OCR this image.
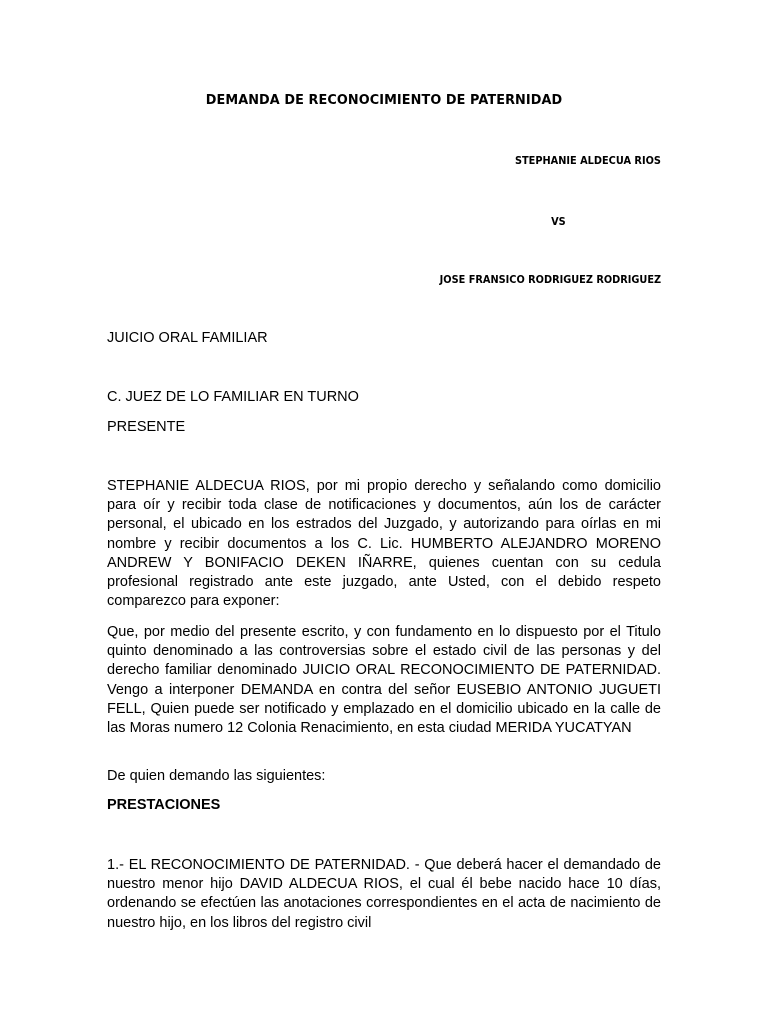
DEMANDA DE RECONOCIMIENTO DE PATERNIDAD
STEPHANIE ALDECUA RIOS
VS
JOSE FRANSICO RODRIGUEZ RODRIGUEZ
JUICIO ORAL FAMILIAR
C. JUEZ DE LO FAMILIAR EN TURNO
PRESENTE
STEPHANIE ALDECUA RIOS, por mi propio derecho y señalando como domicilio para oír y recibir toda clase de notificaciones y documentos, aún los de carácter personal, el ubicado en los estrados del Juzgado, y autorizando para oírlas en mi nombre y recibir documentos a los C. Lic. HUMBERTO ALEJANDRO MORENO ANDREW Y BONIFACIO DEKEN IÑARRE, quienes cuentan con su cedula profesional registrado ante este juzgado, ante Usted, con el debido respeto comparezco para exponer:
Que, por medio del presente escrito, y con fundamento en lo dispuesto por el Titulo quinto denominado a las controversias sobre el estado civil de las personas y del derecho familiar denominado JUICIO ORAL RECONOCIMIENTO DE PATERNIDAD. Vengo a interponer DEMANDA en contra del señor EUSEBIO ANTONIO JUGUETI FELL, Quien puede ser notificado y emplazado en el domicilio ubicado en la calle de las Moras numero 12 Colonia Renacimiento, en esta ciudad MERIDA YUCATYAN
De quien demando las siguientes:
PRESTACIONES
1.- EL RECONOCIMIENTO DE PATERNIDAD. - Que deberá hacer el demandado de nuestro menor hijo DAVID ALDECUA RIOS, el cual él bebe nacido hace 10 días, ordenando se efectúen las anotaciones correspondientes en el acta de nacimiento de nuestro hijo, en los libros del registro civil
